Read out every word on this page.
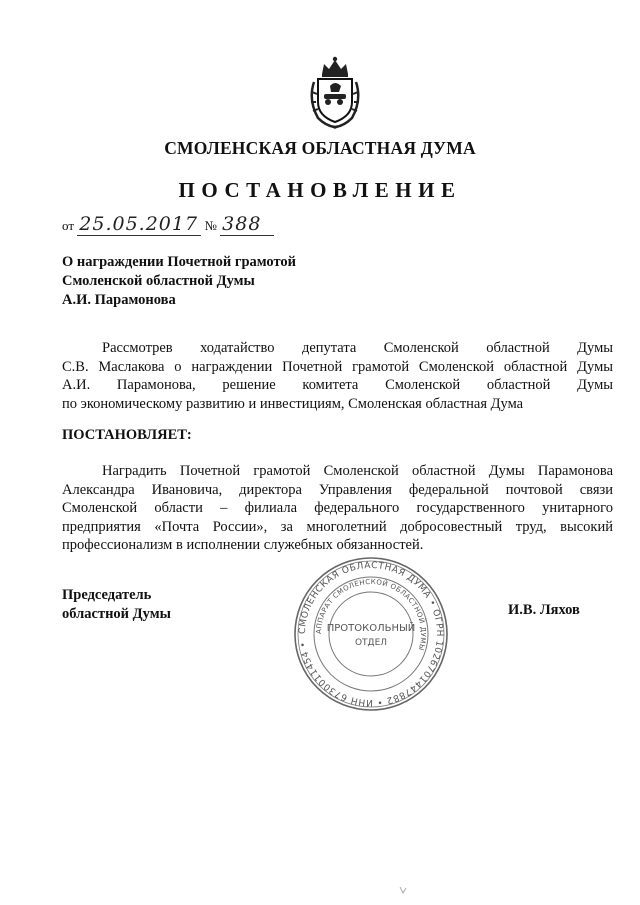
СМОЛЕНСКАЯ ОБЛАСТНАЯ ДУМА
ПОСТАНОВЛЕНИЕ
от 25.05.2017 № 388
О награждении Почетной грамотой
Смоленской областной Думы
А.И. Парамонова
Рассмотрев ходатайство депутата Смоленской областной Думы
С.В. Маслакова о награждении Почетной грамотой Смоленской областной Думы
А.И. Парамонова, решение комитета Смоленской областной Думы
по экономическому развитию и инвестициям, Смоленская областная Дума
ПОСТАНОВЛЯЕТ:
Наградить Почетной грамотой Смоленской областной Думы Парамонова
Александра Ивановича, директора Управления федеральной почтовой связи
Смоленской области – филиала федерального государственного унитарного
предприятия «Почта России», за многолетний добросовестный труд, высокий
профессионализм в исполнении служебных обязанностей.
Председатель
областной Думы	И.В. Ляхов
СМОЛЕНСКАЯ ОБЛАСТНАЯ ДУМА • ОГРН 1026701447882 • ИНН 6730011454 •
АППАРАТ СМОЛЕНСКОЙ ОБЛАСТНОЙ ДУМЫ
ПРОТОКОЛЬНЫЙ
ОТДЕЛ
